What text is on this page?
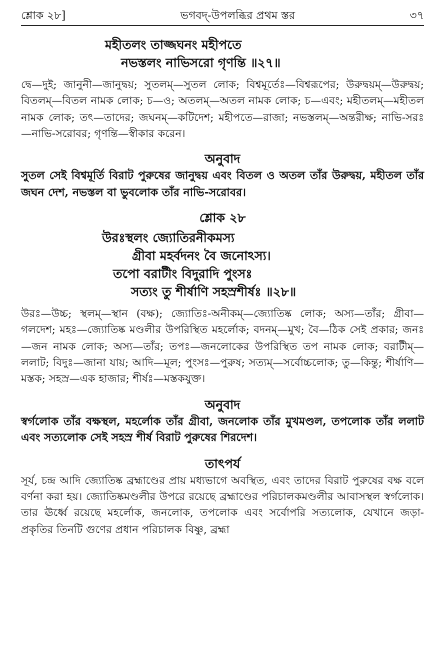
শ্লোক ২৮]	ভগবদ্-উপলব্ধির প্রথম স্তর	৩৭
মহীতলং তাজ্জঘনং মহীপতে
নভস্তলং নাভিসরো গৃণন্তি ॥২৭॥
দ্বে—দুই; জানুনী—জানুদ্বয়; সুতলম্—সুতল লোক; বিশ্বমূর্তেঃ—বিশ্বরূপের; উরুদ্বয়ম্—উরুদ্বয়; বিতলম্—বিতল নামক লোক; চ—ও; অতলম্—অতল নামক লোক; চ—এবং; মহীতলম্—মহীতল নামক লোক; তৎ—তাদের; জঘনম্—কটিদেশ; মহীপতে—রাজা; নভস্তলম্—অন্তরীক্ষ; নাভি-সরঃ—নাভি-সরোবর; গৃণন্তি—স্বীকার করেন।
অনুবাদ
সুতল সেই বিশ্বমূর্তি বিরাট পুরুষের জানুদ্বয় এবং বিতল ও অতল তাঁর উরুদ্বয়, মহীতল তাঁর জঘন দেশ, নভস্তল বা ভুবলোক তাঁর নাভি-সরোবর।
শ্লোক ২৮
উরঃস্থলং জ্যোতিরনীকমস্য
গ্রীবা মহর্বদনং বৈ জনোঽস্য।
তপো বরাটীং বিদুরাদি পুংসঃ
সত্যং তু শীর্ষাণি সহস্রশীর্ষঃ ॥২৮॥
উরঃ—উচ্চ; স্থলম্—স্থান (বক্ষ); জ্যোতিঃ-অনীকম্—জ্যোতিষ্ক লোক; অস্য—তাঁর; গ্রীবা—গলদেশ; মহঃ—জ্যোতিষ্ক মণ্ডলীর উপরিস্থিত মহর্লোক; বদনম্—মুখ; বৈ—ঠিক সেই প্রকার; জনঃ—জন নামক লোক; অস্য—তাঁর; তপঃ—জনলোকের উপরিস্থিত তপ নামক লোক; বরাটীম্—ললাট; বিদুঃ—জানা যায়; আদি—মূল; পুংসঃ—পুরুষ; সত্যম্—সর্বোচ্চলোক; তু—কিন্তু; শীর্ষাণি—মস্তক; সহস্র—এক হাজার; শীর্ষঃ—মস্তকযুক্ত।
অনুবাদ
স্বর্গলোক তাঁর বক্ষস্থল, মহর্লোক তাঁর গ্রীবা, জনলোক তাঁর মুখমণ্ডল, তপলোক তাঁর ললাট এবং সত্যলোক সেই সহস্র শীর্ষ বিরাট পুরুষের শিরদেশ।
তাৎপর্য
সূর্য, চন্দ্র আদি জ্যোতিষ্ক ব্রহ্মাণ্ডের প্রায় মধ্যভাগে অবস্থিত, এবং তাদের বিরাট পুরুষের বক্ষ বলে বর্ণনা করা হয়। জ্যোতিষ্কমণ্ডলীর উপরে রয়েছে ব্রহ্মাণ্ডের পরিচালকমণ্ডলীর আবাসস্থল স্বর্গলোক। তার ঊর্ধ্বে রয়েছে মহর্লোক, জনলোক, তপলোক এবং সর্বোপরি সত্যলোক, যেখানে জড়া-প্রকৃতির তিনটি গুণের প্রধান পরিচালক বিষ্ণু, ব্রহ্মা
